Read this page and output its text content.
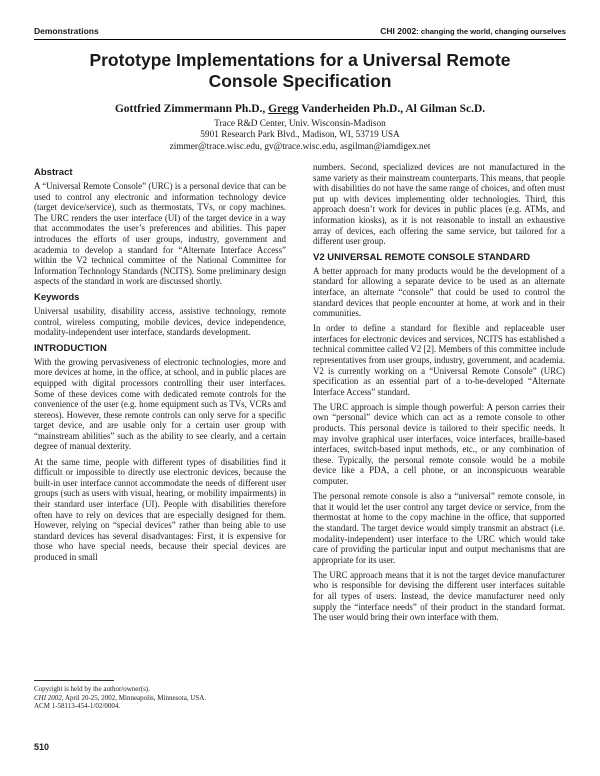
Demonstrations	CHI 2002: changing the world, changing ourselves
Prototype Implementations for a Universal Remote
Console Specification
Gottfried Zimmermann Ph.D., Gregg Vanderheiden Ph.D., Al Gilman Sc.D.
Trace R&D Center, Univ. Wisconsin-Madison
5901 Research Park Blvd., Madison, WI, 53719 USA
zimmer@trace.wisc.edu, gv@trace.wisc.edu, asgilman@iamdigex.net
Abstract

A “Universal Remote Console” (URC) is a personal device that can be used to control any electronic and information technology device (target device/service), such as thermostats, TVs, or copy machines. The URC renders the user interface (UI) of the target device in a way that accommodates the user’s preferences and abilities. This paper introduces the efforts of user groups, industry, government and academia to develop a standard for “Alternate Interface Access” within the V2 technical committee of the National Committee for Information Technology Standards (NCITS). Some preliminary design aspects of the standard in work are discussed shortly.

Keywords

Universal usability, disability access, assistive technology, remote control, wireless computing, mobile devices, device independence, modality-independent user interface, standards development.

INTRODUCTION

With the growing pervasiveness of electronic technologies, more and more devices at home, in the office, at school, and in public places are equipped with digital processors controlling their user interfaces. Some of these devices come with dedicated remote controls for the convenience of the user (e.g. home equipment such as TVs, VCRs and stereos). However, these remote controls can only serve for a specific target device, and are usable only for a certain user group with “mainstream abilities” such as the ability to see clearly, and a certain degree of manual dexterity.

At the same time, people with different types of disabilities find it difficult or impossible to directly use electronic devices, because the built-in user interface cannot accommodate the needs of different user groups (such as users with visual, hearing, or mobility impairments) in their standard user interface (UI). People with disabilities therefore often have to rely on devices that are especially designed for them. However, relying on “special devices” rather than being able to use standard devices has several disadvantages: First, it is expensive for those who have special needs, because their special devices are produced in small

Copyright is held by the author/owner(s).
CHI 2002, April 20-25, 2002, Minneapolis, Minnesota, USA.
ACM 1-58113-454-1/02/0004.

numbers. Second, specialized devices are not manufactured in the same variety as their mainstream counterparts. This means, that people with disabilities do not have the same range of choices, and often must put up with devices implementing older technologies. Third, this approach doesn’t work for devices in public places (e.g. ATMs, and information kiosks), as it is not reasonable to install an exhaustive array of devices, each offering the same service, but tailored for a different user group.

V2 UNIVERSAL REMOTE CONSOLE STANDARD

A better approach for many products would be the development of a standard for allowing a separate device to be used as an alternate interface, an alternate “console” that could be used to control the standard devices that people encounter at home, at work and in their communities.

In order to define a standard for flexible and replaceable user interfaces for electronic devices and services, NCITS has established a technical committee called V2 [2]. Members of this committee include representatives from user groups, industry, government, and academia. V2 is currently working on a “Universal Remote Console” (URC) specification as an essential part of a to-be-developed “Alternate Interface Access” standard.

The URC approach is simple though powerful: A person carries their own “personal” device which can act as a remote console to other products. This personal device is tailored to their specific needs. It may involve graphical user interfaces, voice interfaces, braille-based interfaces, switch-based input methods, etc., or any combination of these. Typically, the personal remote console would be a mobile device like a PDA, a cell phone, or an inconspicuous wearable computer.

The personal remote console is also a “universal” remote console, in that it would let the user control any target device or service, from the thermostat at home to the copy machine in the office, that supported the standard. The target device would simply transmit an abstract (i.e. modality-independent) user interface to the URC which would take care of providing the particular input and output mechanisms that are appropriate for its user.

The URC approach means that it is not the target device manufacturer who is responsible for devising the different user interfaces suitable for all types of users. Instead, the device manufacturer need only supply the “interface needs” of their product in the standard format. The user would bring their own interface with them.

510
